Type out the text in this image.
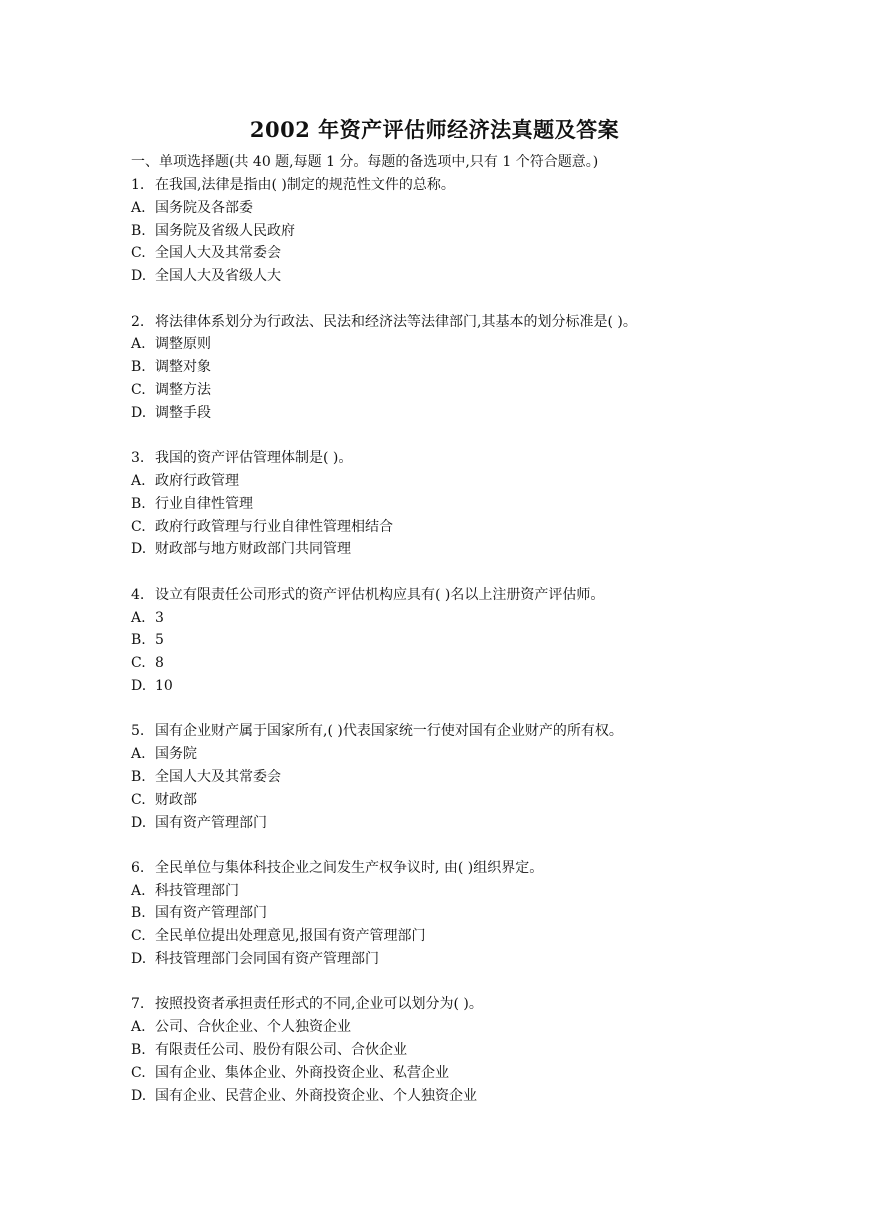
2002 年资产评估师经济法真题及答案
一、单项选择题(共 40 题,每题 1 分。每题的备选项中,只有 1 个符合题意。)
1. 在我国,法律是指由( )制定的规范性文件的总称。
A. 国务院及各部委
B. 国务院及省级人民政府
C. 全国人大及其常委会
D. 全国人大及省级人大
2. 将法律体系划分为行政法、民法和经济法等法律部门,其基本的划分标准是( )。
A. 调整原则
B. 调整对象
C. 调整方法
D. 调整手段
3. 我国的资产评估管理体制是( )。
A. 政府行政管理
B. 行业自律性管理
C. 政府行政管理与行业自律性管理相结合
D. 财政部与地方财政部门共同管理
4. 设立有限责任公司形式的资产评估机构应具有( )名以上注册资产评估师。
A. 3
B. 5
C. 8
D. 10
5. 国有企业财产属于国家所有,( )代表国家统一行使对国有企业财产的所有权。
A. 国务院
B. 全国人大及其常委会
C. 财政部
D. 国有资产管理部门
6. 全民单位与集体科技企业之间发生产权争议时, 由( )组织界定。
A. 科技管理部门
B. 国有资产管理部门
C. 全民单位提出处理意见,报国有资产管理部门
D. 科技管理部门会同国有资产管理部门
7. 按照投资者承担责任形式的不同,企业可以划分为( )。
A. 公司、合伙企业、个人独资企业
B. 有限责任公司、股份有限公司、合伙企业
C. 国有企业、集体企业、外商投资企业、私营企业
D. 国有企业、民营企业、外商投资企业、个人独资企业
